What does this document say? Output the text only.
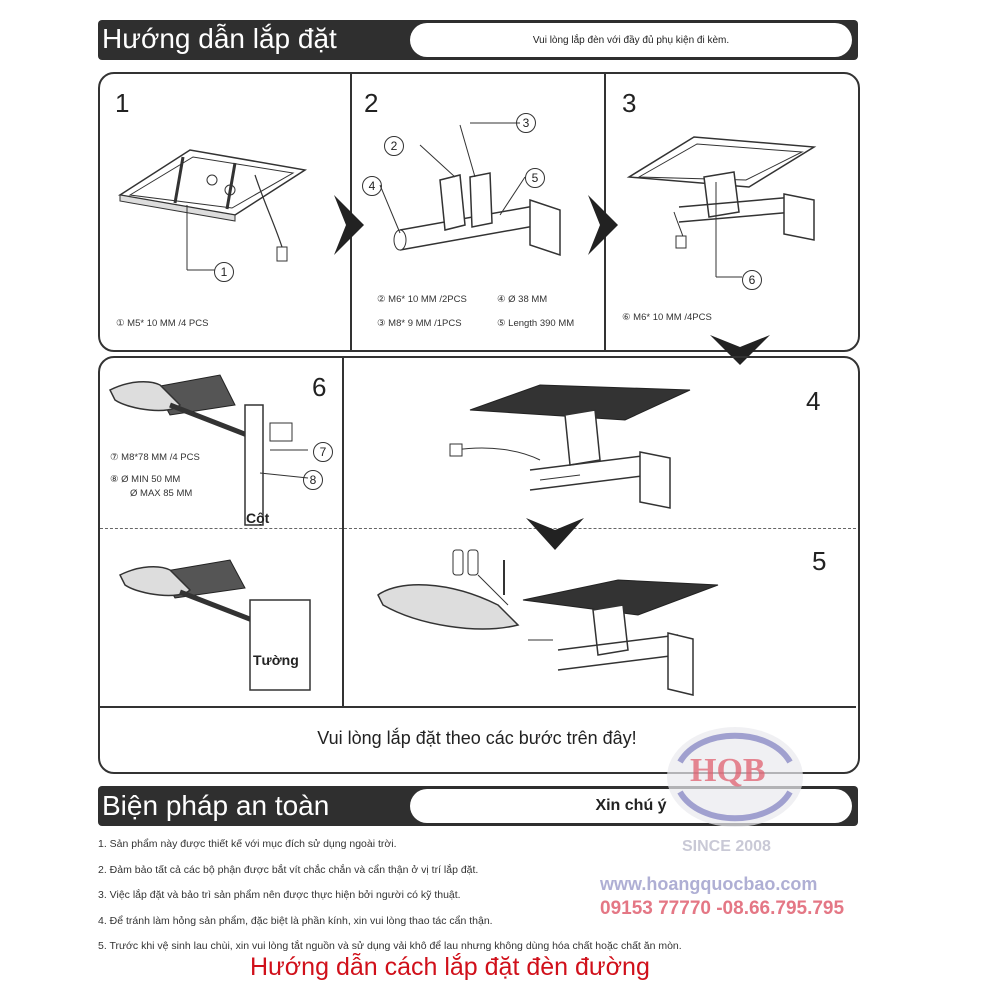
Hướng dẫn lắp đặt	Vui lòng lắp đèn với đầy đủ phụ kiện đi kèm.
1	2	3
1
① M5* 10 MM /4 PCS
2
3
4
5
② M6* 10 MM /2PCS	④ Ø 38 MM
③ M8* 9 MM /1PCS	⑤ Length 390 MM
6
⑥ M6* 10 MM /4PCS
6	4
5
7
8
⑦ M8*78 MM /4 PCS
⑧ Ø MIN 50 MM
Ø MAX 85 MM
Cột
Tường
Vui lòng lắp đặt theo các bước trên đây!
Biện pháp an toàn	Xin chú ý
1. Sản phẩm này được thiết kế với mục đích sử dụng ngoài trời.
2. Đảm bảo tất cả các bộ phận được bắt vít chắc chắn và cẩn thận ở vị trí lắp đặt.
3. Việc lắp đặt và bảo trì sản phẩm nên được thực hiện bởi người có kỹ thuật.
4. Để tránh làm hỏng sản phẩm, đặc biệt là phần kính, xin vui lòng thao tác cẩn thận.
5. Trước khi vệ sinh lau chùi, xin vui lòng tắt nguồn và sử dụng vải khô để lau nhưng không dùng hóa chất hoặc chất ăn mòn.
HQB
SINCE 2008
www.hoangquocbao.com
09153 77770 -08.66.795.795
Hướng dẫn cách lắp đặt đèn đường
